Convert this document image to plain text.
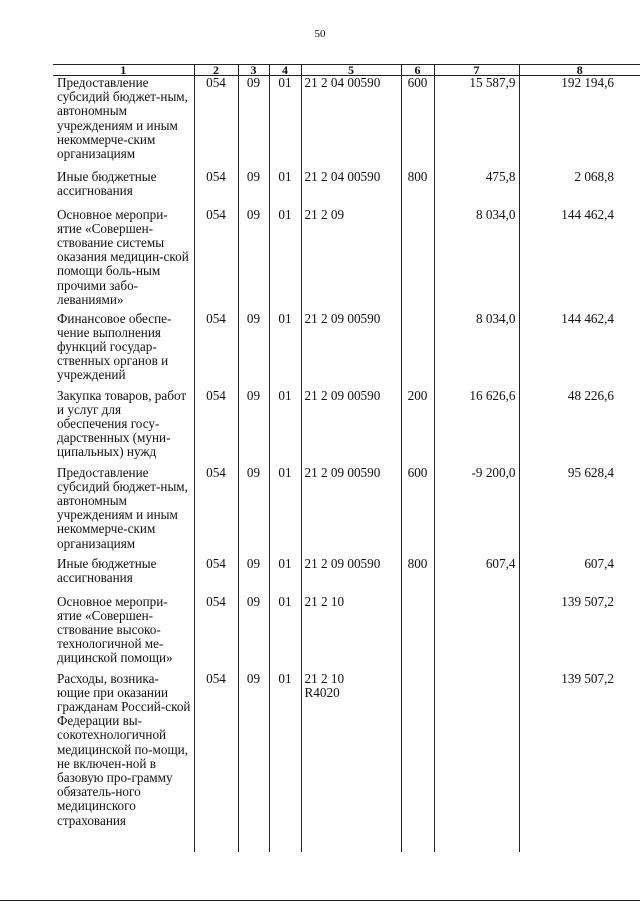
50
1	2	3	4	5	6	7	8
Предоставление субсидий бюджет-ным, автономным учреждениям и иным некоммерче-ским организациям	054	09	01	21 2 04 00590	600	15 587,9	192 194,6
Иные бюджетные ассигнования	054	09	01	21 2 04 00590	800	475,8	2 068,8
Основное меропри-ятие «Совершен-ствование системы оказания медицин-ской помощи боль-ным прочими забо-леваниями»	054	09	01	21 2 09		8 034,0	144 462,4
Финансовое обеспе-чение выполнения функций государ-ственных органов и учреждений	054	09	01	21 2 09 00590		8 034,0	144 462,4
Закупка товаров, работ и услуг для обеспечения госу-дарственных (муни-ципальных) нужд	054	09	01	21 2 09 00590	200	16 626,6	48 226,6
Предоставление субсидий бюджет-ным, автономным учреждениям и иным некоммерче-ским организациям	054	09	01	21 2 09 00590	600	-9 200,0	95 628,4
Иные бюджетные ассигнования	054	09	01	21 2 09 00590	800	607,4	607,4
Основное меропри-ятие «Совершен-ствование высоко-технологичной ме-дицинской помощи»	054	09	01	21 2 10			139 507,2
Расходы, возника-ющие при оказании гражданам Россий-ской Федерации вы-сокотехнологичной медицинской по-мощи, не включен-ной в базовую про-грамму обязатель-ного медицинского страхования	054	09	01	21 2 10 R4020			139 507,2
